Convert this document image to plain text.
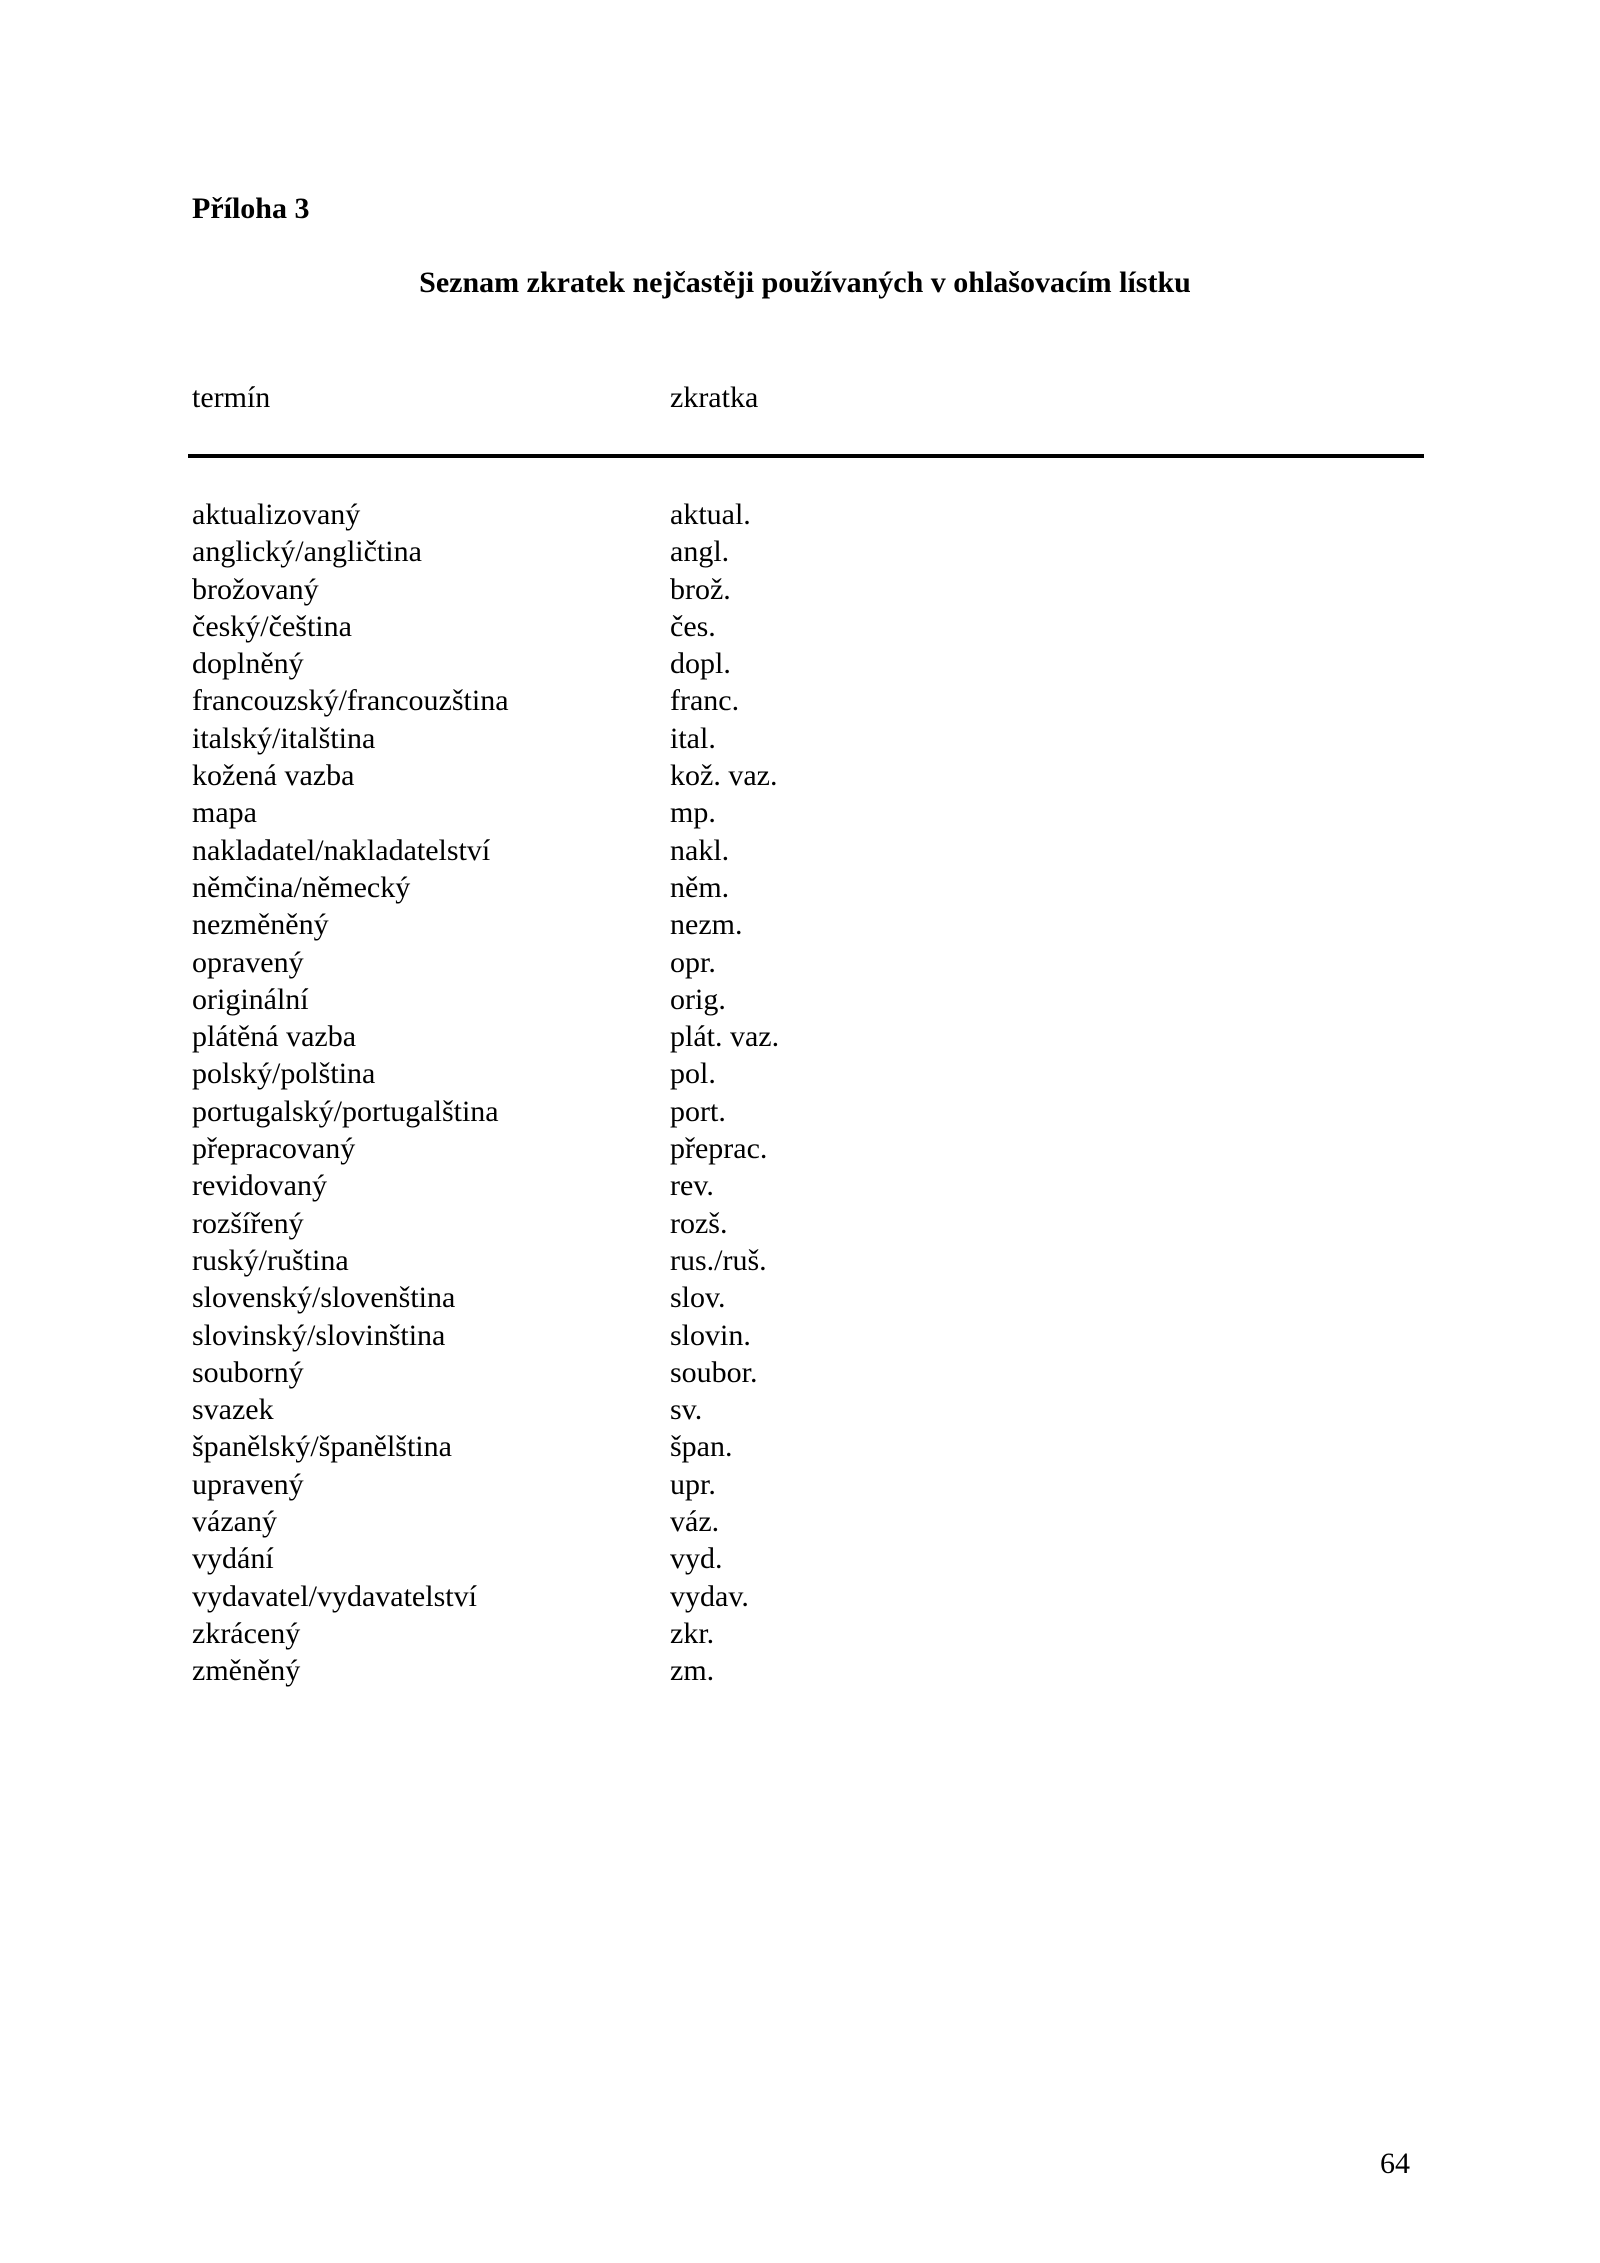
Příloha 3
Seznam zkratek nejčastěji používaných v ohlašovacím lístku
termín	zkratka
aktualizovaný	aktual.
anglický/angličtina	angl.
brožovaný	brož.
český/čeština	čes.
doplněný	dopl.
francouzský/francouzština	franc.
italský/italština	ital.
kožená vazba	kož. vaz.
mapa	mp.
nakladatel/nakladatelství	nakl.
němčina/německý	něm.
nezměněný	nezm.
opravený	opr.
originální	orig.
plátěná vazba	plát. vaz.
polský/polština	pol.
portugalský/portugalština	port.
přepracovaný	přeprac.
revidovaný	rev.
rozšířený	rozš.
ruský/ruština	rus./ruš.
slovenský/slovenština	slov.
slovinský/slovinština	slovin.
souborný	soubor.
svazek	sv.
španělský/španělština	špan.
upravený	upr.
vázaný	váz.
vydání	vyd.
vydavatel/vydavatelství	vydav.
zkrácený	zkr.
změněný	zm.
64
